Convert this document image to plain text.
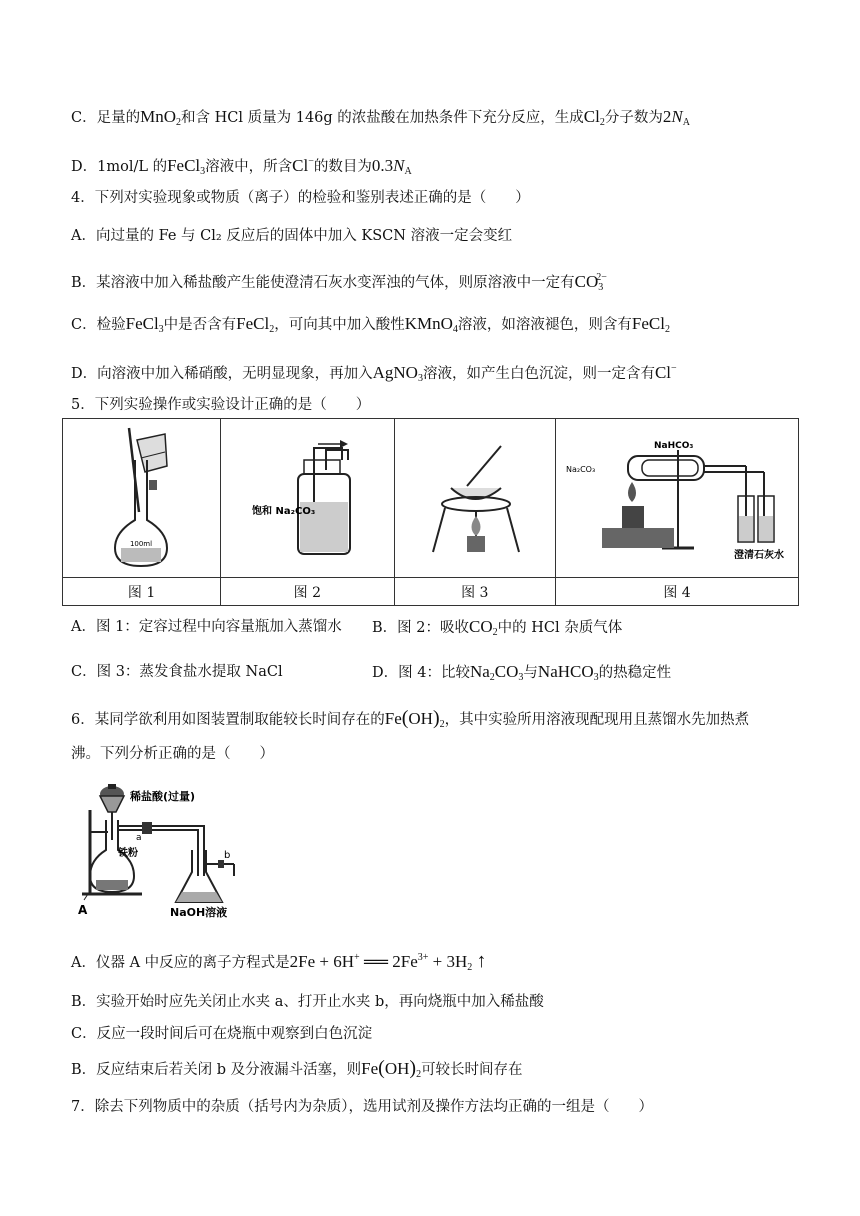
C．足量的MnO$_2$和含 HCl 质量为 146g 的浓盐酸在加热条件下充分反应，生成$Cl_2$分子数为$2N_A$
D．1mol/L 的FeCl$_3$溶液中，所含Cl−的数目为$0.3N_A$
4．下列对实验现象或物质（离子）的检验和鉴别表述正确的是（　　）
A．向过量的 Fe 与 Cl₂ 反应后的固体中加入 KSCN 溶液一定会变红
B．某溶液中加入稀盐酸产生能使澄清石灰水变浑浊的气体，则原溶液中一定有$CO_3^{2-}$
C．检验FeCl$_3$中是否含有FeCl$_2$，可向其中加入酸性KMnO$_4$溶液，如溶液褪色，则含有FeCl$_2$
D．向溶液中加入稀硝酸，无明显现象，再加入AgNO$_3$溶液，如产生白色沉淀，则一定含有Cl−
5．下列实验操作或实验设计正确的是（　　）
100ml	饱和 Na₂CO₃		NaHCO₃
Na₂CO₃
澄清石灰水

图 1	图 2	图 3	图 4
A．图 1：定容过程中向容量瓶加入蒸馏水 B．图 2：吸收$CO_2$中的 HCl 杂质气体
C．图 3：蒸发食盐水提取 NaCl	D．图 4：比较$Na_2CO_3$与NaHCO$_3$的热稳定性
6．某同学欲利用如图装置制取能较长时间存在的$Fe(OH)_2$，其中实验所用溶液现配现用且蒸馏水先加热煮
沸。下列分析正确的是（　　）
稀盐酸(过量)
铁粉
A
a
b
NaOH溶液
A．仪器 A 中反应的离子方程式是2Fe + 6H+ ══ $2Fe^{3+} + 3H_2$ ↑
B．实验开始时应先关闭止水夹 a、打开止水夹 b，再向烧瓶中加入稀盐酸
C．反应一段时间后可在烧瓶中观察到白色沉淀
B．反应结束后若关闭 b 及分液漏斗活塞，则$Fe(OH)_2$可较长时间存在
7．除去下列物质中的杂质（括号内为杂质），选用试剂及操作方法均正确的一组是（　　）
